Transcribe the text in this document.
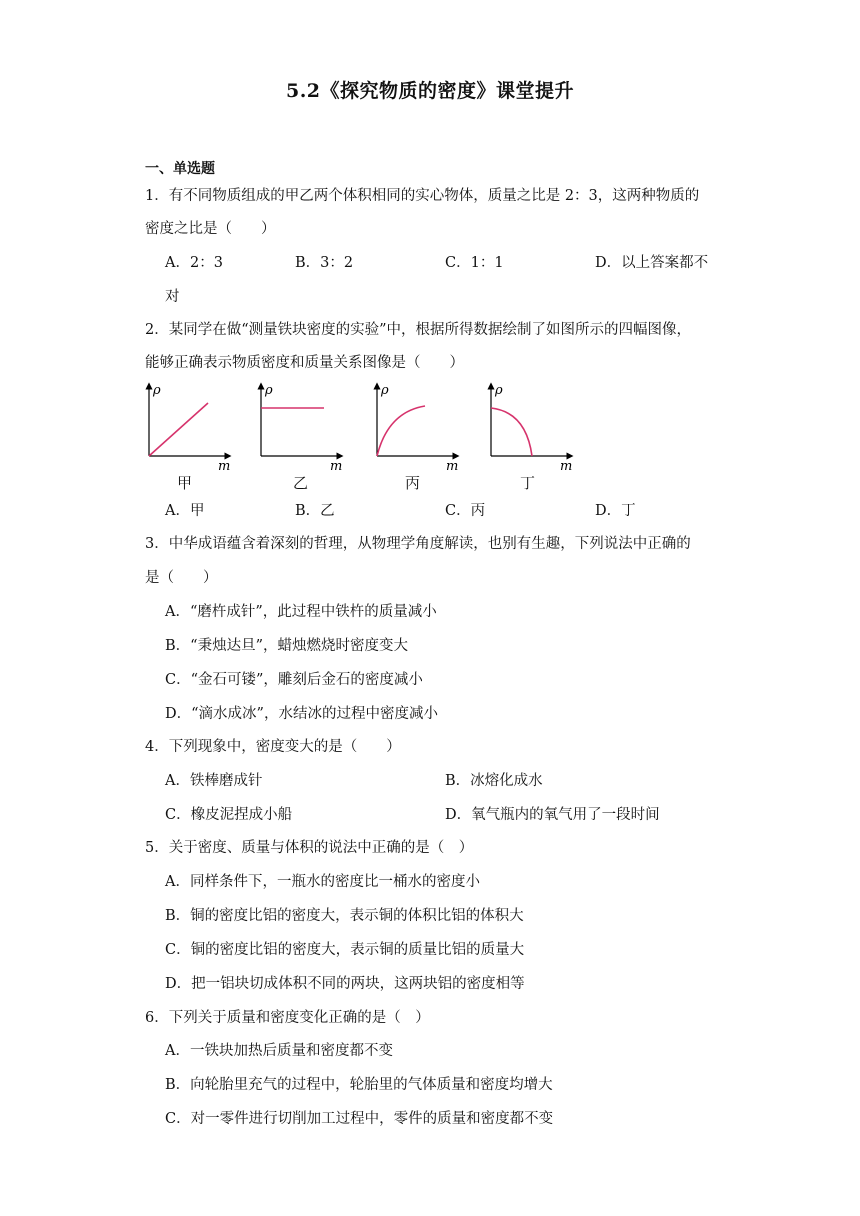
5.2《探究物质的密度》课堂提升
一、单选题
1．有不同物质组成的甲乙两个体积相同的实心物体，质量之比是 2：3，这两种物质的
密度之比是（　　）
A．2：3	B．3：2	C．1：1	D．以上答案都不
对
2．某同学在做“测量铁块密度的实验”中，根据所得数据绘制了如图所示的四幅图像，
能够正确表示物质密度和质量关系图像是（　　）
ρ
m
ρ
m
ρ
m
ρ
m
甲	乙	丙	丁
A．甲	B．乙	C．丙	D．丁
3．中华成语蕴含着深刻的哲理，从物理学角度解读，也别有生趣，下列说法中正确的
是（　　）
A．“磨杵成针”，此过程中铁杵的质量减小
B．“秉烛达旦”，蜡烛燃烧时密度变大
C．“金石可镂”，雕刻后金石的密度减小
D．“滴水成冰”，水结冰的过程中密度减小
4．下列现象中，密度变大的是（　　）
A．铁棒磨成针	B．冰熔化成水
C．橡皮泥捏成小船	D．氧气瓶内的氧气用了一段时间
5．关于密度、质量与体积的说法中正确的是（　）
A．同样条件下，一瓶水的密度比一桶水的密度小
B．铜的密度比铝的密度大，表示铜的体积比铝的体积大
C．铜的密度比铝的密度大，表示铜的质量比铝的质量大
D．把一铝块切成体积不同的两块，这两块铝的密度相等
6．下列关于质量和密度变化正确的是（　）
A．一铁块加热后质量和密度都不变
B．向轮胎里充气的过程中，轮胎里的气体质量和密度均增大
C．对一零件进行切削加工过程中，零件的质量和密度都不变
